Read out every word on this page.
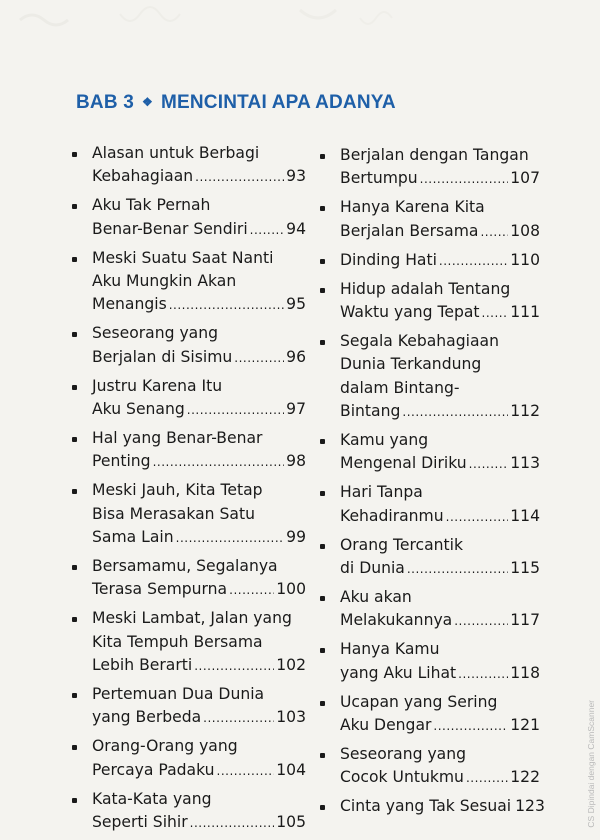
BAB 3 ❖ MENCINTAI APA ADANYA
Alasan untuk Berbagi
Kebahagiaan .....	93
Aku Tak Pernah
Benar-Benar Sendiri ..... 94
Meski Suatu Saat Nanti
Aku Mungkin Akan
Menangis .....	95
Seseorang yang
Berjalan di Sisimu .....	96
Justru Karena Itu
Aku Senang .....	97
Hal yang Benar-Benar
Penting .....	98
Meski Jauh, Kita Tetap
Bisa Merasakan Satu
Sama Lain .....	99
Bersamamu, Segalanya
Terasa Sempurna .....	100
Meski Lambat, Jalan yang
Kita Tempuh Bersama
Lebih Berarti .....	102
Pertemuan Dua Dunia
yang Berbeda .....	103
Orang-Orang yang
Percaya Padaku .....	104
Kata-Kata yang
Seperti Sihir .....	105
Berjalan dengan Tangan
Bertumpu .....	107
Hanya Karena Kita
Berjalan Bersama ..... 108
Dinding Hati .....	110
Hidup adalah Tentang
Waktu yang Tepat ..... 111
Segala Kebahagiaan
Dunia Terkandung
dalam Bintang-
Bintang .....	112
Kamu yang
Mengenal Diriku .....	113
Hari Tanpa
Kehadiranmu .....	114
Orang Tercantik
di Dunia .....	115
Aku akan
Melakukannya .....	117
Hanya Kamu
yang Aku Lihat .....	118
Ucapan yang Sering
Aku Dengar .....	121
Seseorang yang
Cocok Untukmu .....	122
Cinta yang Tak Sesuai 123
CS Dipindai dengan CamScanner
